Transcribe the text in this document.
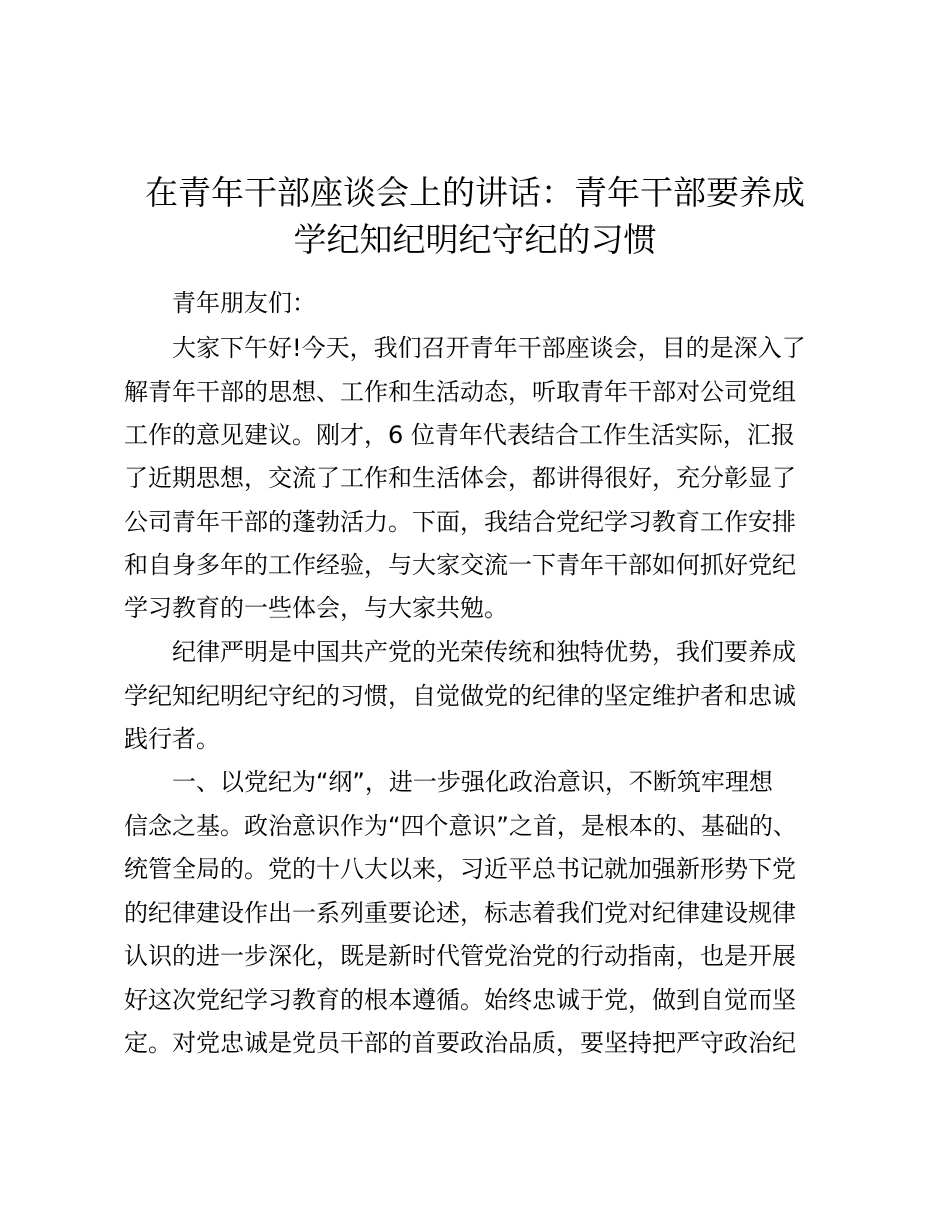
在青年干部座谈会上的讲话：青年干部要养成
学纪知纪明纪守纪的习惯
青年朋友们：
大家下午好!今天，我们召开青年干部座谈会，目的是深入了
解青年干部的思想、工作和生活动态，听取青年干部对公司党组
工作的意见建议。刚才，6 位青年代表结合工作生活实际，汇报
了近期思想，交流了工作和生活体会，都讲得很好，充分彰显了
公司青年干部的蓬勃活力。下面，我结合党纪学习教育工作安排
和自身多年的工作经验，与大家交流一下青年干部如何抓好党纪
学习教育的一些体会，与大家共勉。
纪律严明是中国共产党的光荣传统和独特优势，我们要养成
学纪知纪明纪守纪的习惯，自觉做党的纪律的坚定维护者和忠诚
践行者。
一、以党纪为“纲”，进一步强化政治意识，不断筑牢理想
信念之基。政治意识作为“四个意识”之首，是根本的、基础的、
统管全局的。党的十八大以来，习近平总书记就加强新形势下党
的纪律建设作出一系列重要论述，标志着我们党对纪律建设规律
认识的进一步深化，既是新时代管党治党的行动指南，也是开展
好这次党纪学习教育的根本遵循。始终忠诚于党，做到自觉而坚
定。对党忠诚是党员干部的首要政治品质，要坚持把严守政治纪
